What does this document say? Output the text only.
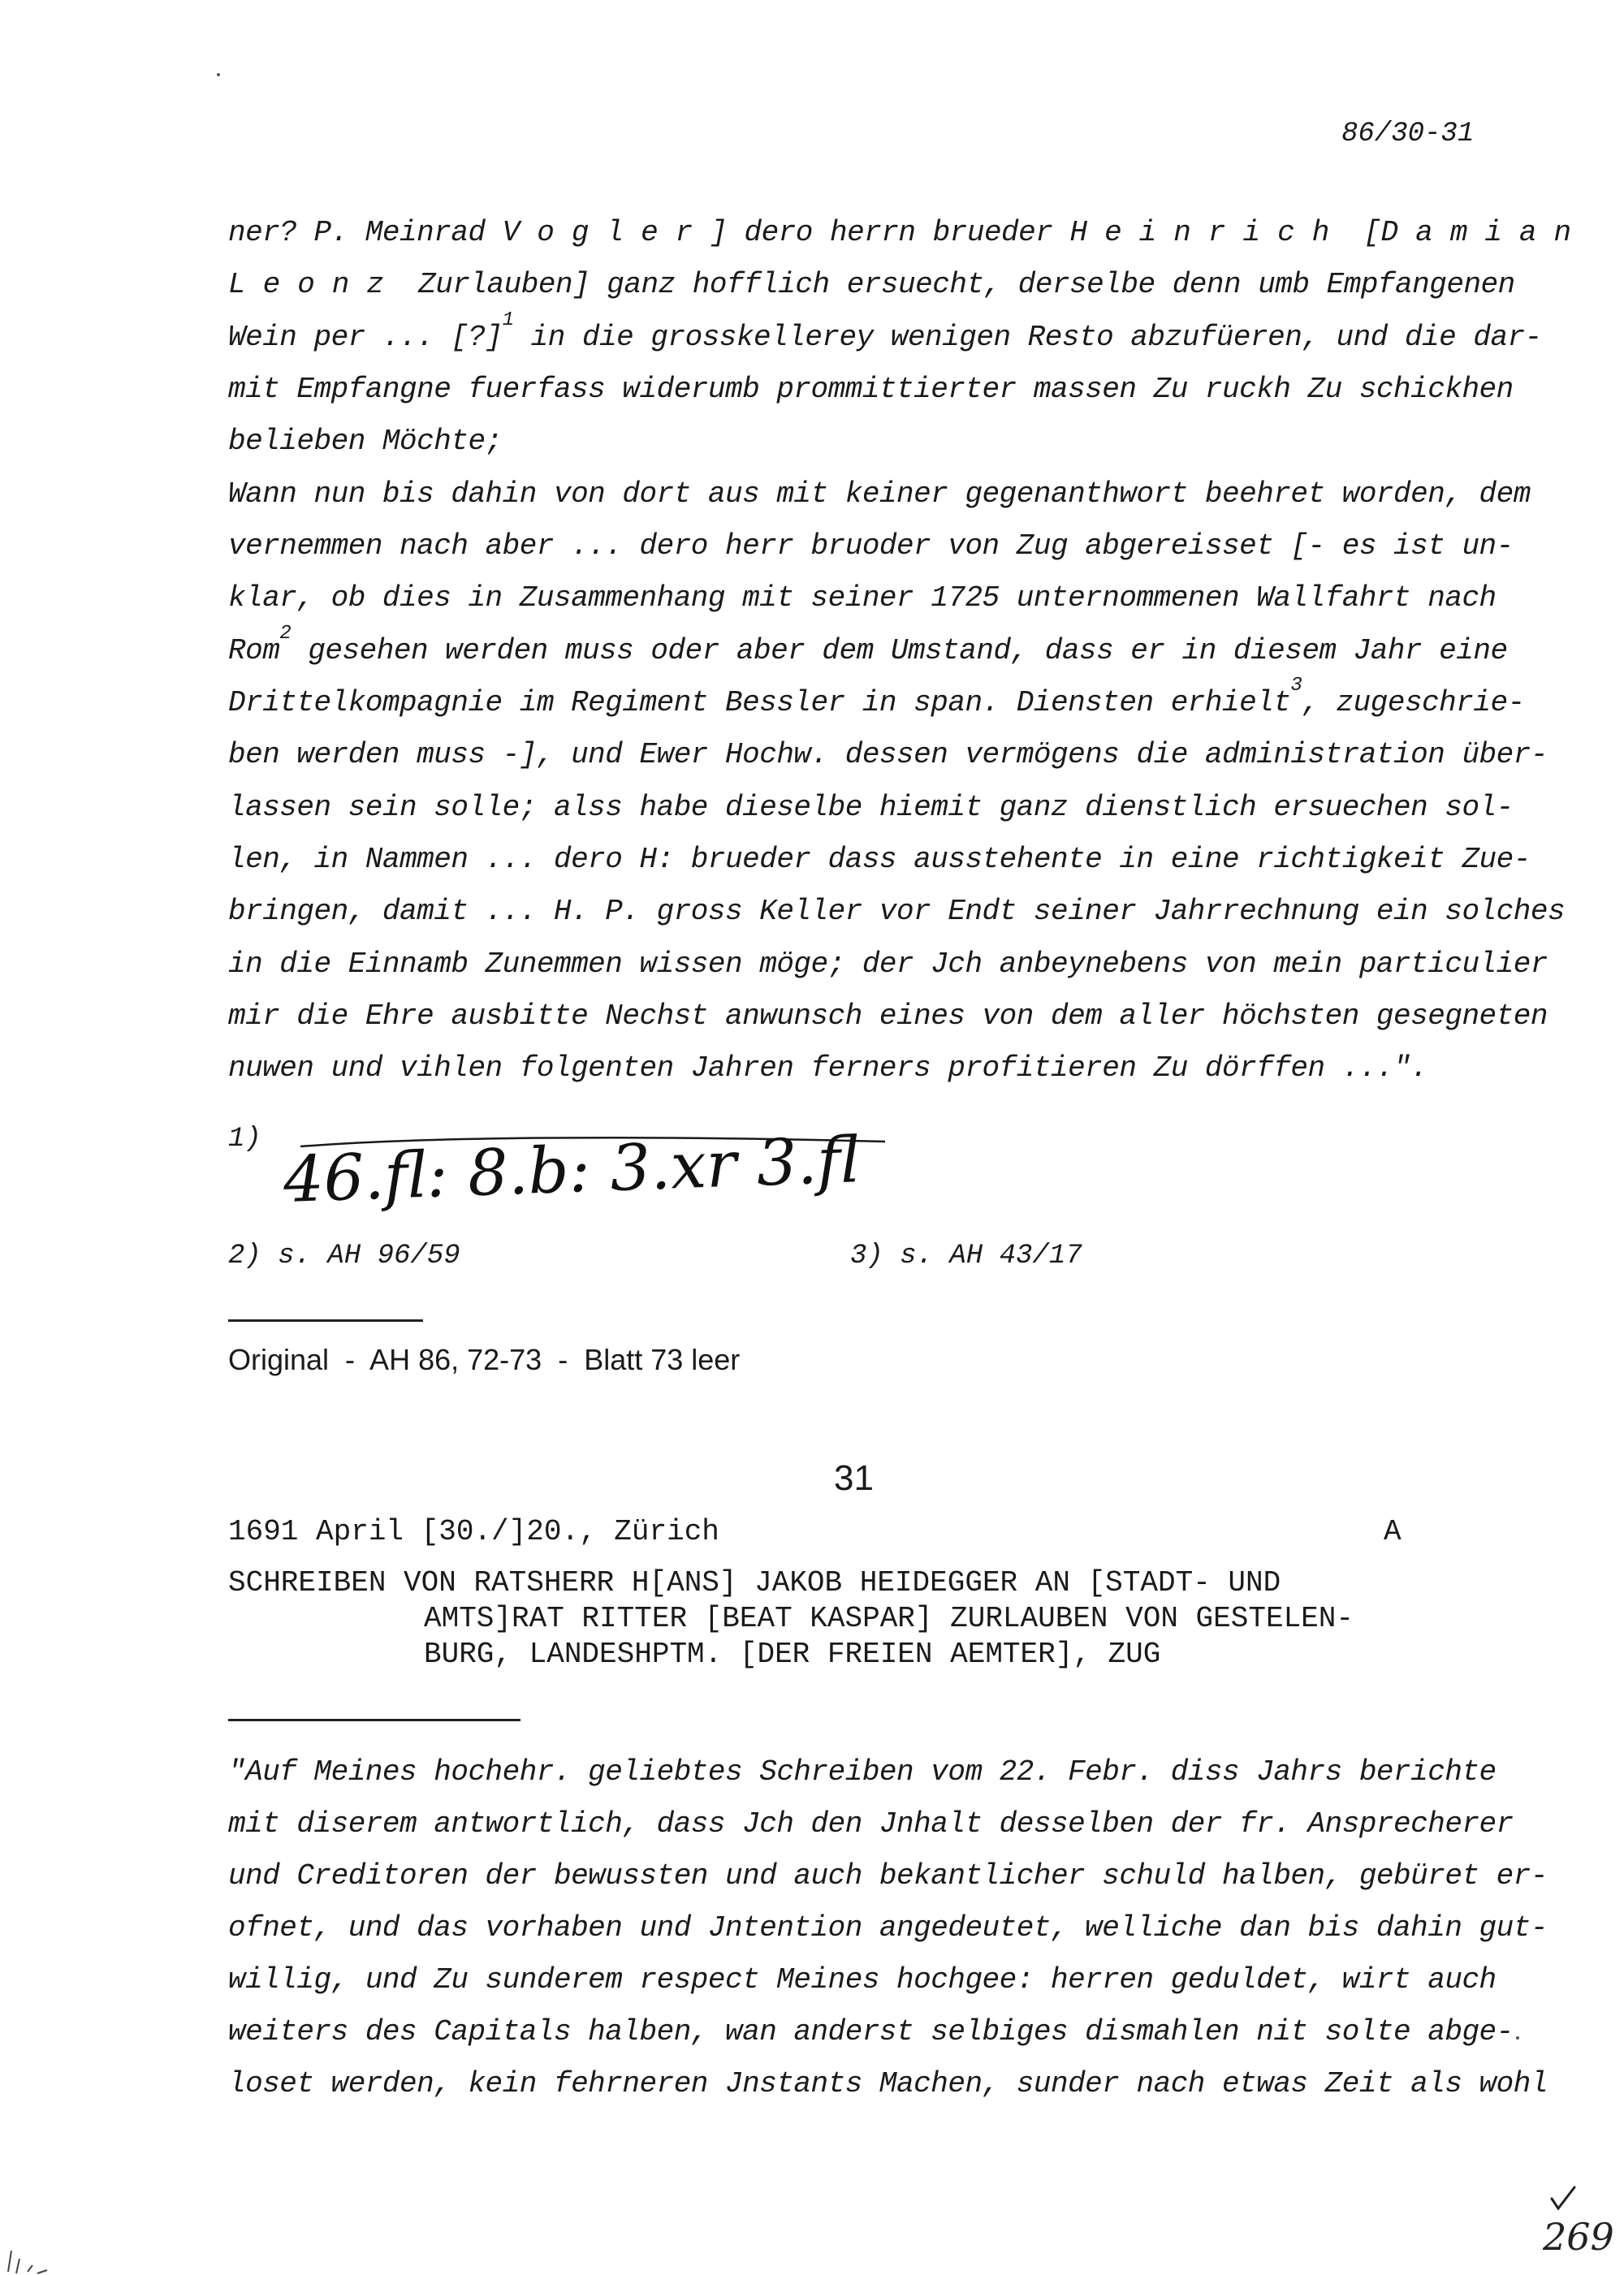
86/30-31
ner? P. Meinrad Vogler] dero herrn brueder Heinrich [Damian
Leonz Zurlauben] ganz hofflich ersuecht, derselbe denn umb Empfangenen
Wein per ... [?]$^1$ in die grosskellerey wenigen Resto abzufüeren, und die dar-
mit Empfangne fuerfass widerumb prommittierter massen Zu ruckh Zu schickhen
belieben Möchte;
Wann nun bis dahin von dort aus mit keiner gegenanthwort beehret worden, dem
vernemmen nach aber ... dero herr bruoder von Zug abgereisset [- es ist un-
klar, ob dies in Zusammenhang mit seiner 1725 unternommenen Wallfahrt nach
Rom$^2$ gesehen werden muss oder aber dem Umstand, dass er in diesem Jahr eine
Drittelkompagnie im Regiment Bessler in span. Diensten erhielt$^3$, zugeschrie-
ben werden muss -], und Ewer Hochw. dessen vermögens die administration über-
lassen sein solle; alss habe dieselbe hiemit ganz dienstlich ersuechen sol-
len, in Nammen ... dero H: brueder dass ausstehente in eine richtigkeit Zue-
bringen, damit ... H. P. gross Keller vor Endt seiner Jahrrechnung ein solches
in die Einnamb Zunemmen wissen möge; der Jch anbeynebens von mein particulier
mir die Ehre ausbitte Nechst anwunsch eines von dem aller höchsten gesegneten
nuwen und vihlen folgenten Jahren ferners profitieren Zu dörffen ...".
1) 46.fl: 8.b: 3.xr 3.fl
2) s. AH 96/59	3) s. AH 43/17
Original  -  AH 86, 72-73  -  Blatt 73 leer
31
1691 April [30./]20., Zürich	A
SCHREIBEN VON RATSHERR H[ANS] JAKOB HEIDEGGER AN [STADT- UND
AMTS]RAT RITTER [BEAT KASPAR] ZURLAUBEN VON GESTELEN-
BURG, LANDESHPTM. [DER FREIEN AEMTER], ZUG
"Auf Meines hochehr. geliebtes Schreiben vom 22. Febr. diss Jahrs berichte
mit diserem antwortlich, dass Jch den Jnhalt desselben der fr. Ansprecherer
und Creditoren der bewussten und auch bekantlicher schuld halben, gebüret er-
ofnet, und das vorhaben und Jntention angedeutet, welliche dan bis dahin gut-
willig, und Zu sunderem respect Meines hochgee: herren geduldet, wirt auch
weiters des Capitals halben, wan anderst selbiges dismahlen nit solte abge-
loset werden, kein fehrneren Jnstants Machen, sunder nach etwas Zeit als wohl
269
